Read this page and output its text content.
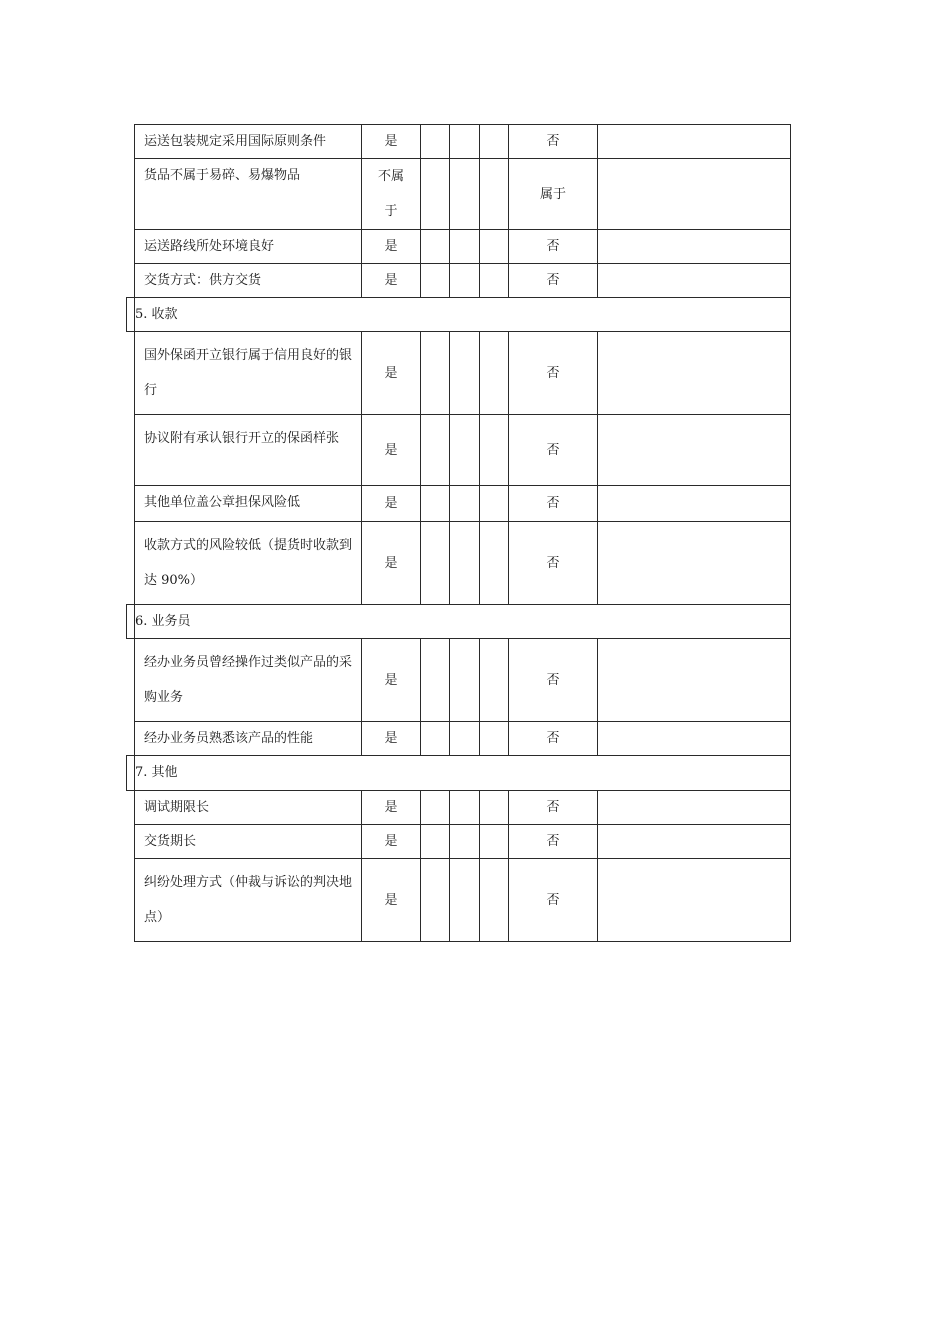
运送包装规定采用国际原则条件	是				否	
货品不属于易碎、易爆物品	不属于				属于	
运送路线所处环境良好	是				否	
交货方式：供方交货	是				否	

5. 收款						
国外保函开立银行属于信用良好的银行	是				否	
协议附有承认银行开立的保函样张	是				否	
其他单位盖公章担保风险低	是				否	
收款方式的风险较低（提货时收款到达 90%）	是				否	

6. 业务员						
经办业务员曾经操作过类似产品的采购业务	是				否	
经办业务员熟悉该产品的性能	是				否	

7. 其他						
调试期限长	是				否	
交货期长	是				否	
纠纷处理方式（仲裁与诉讼的判决地点）	是				否	
